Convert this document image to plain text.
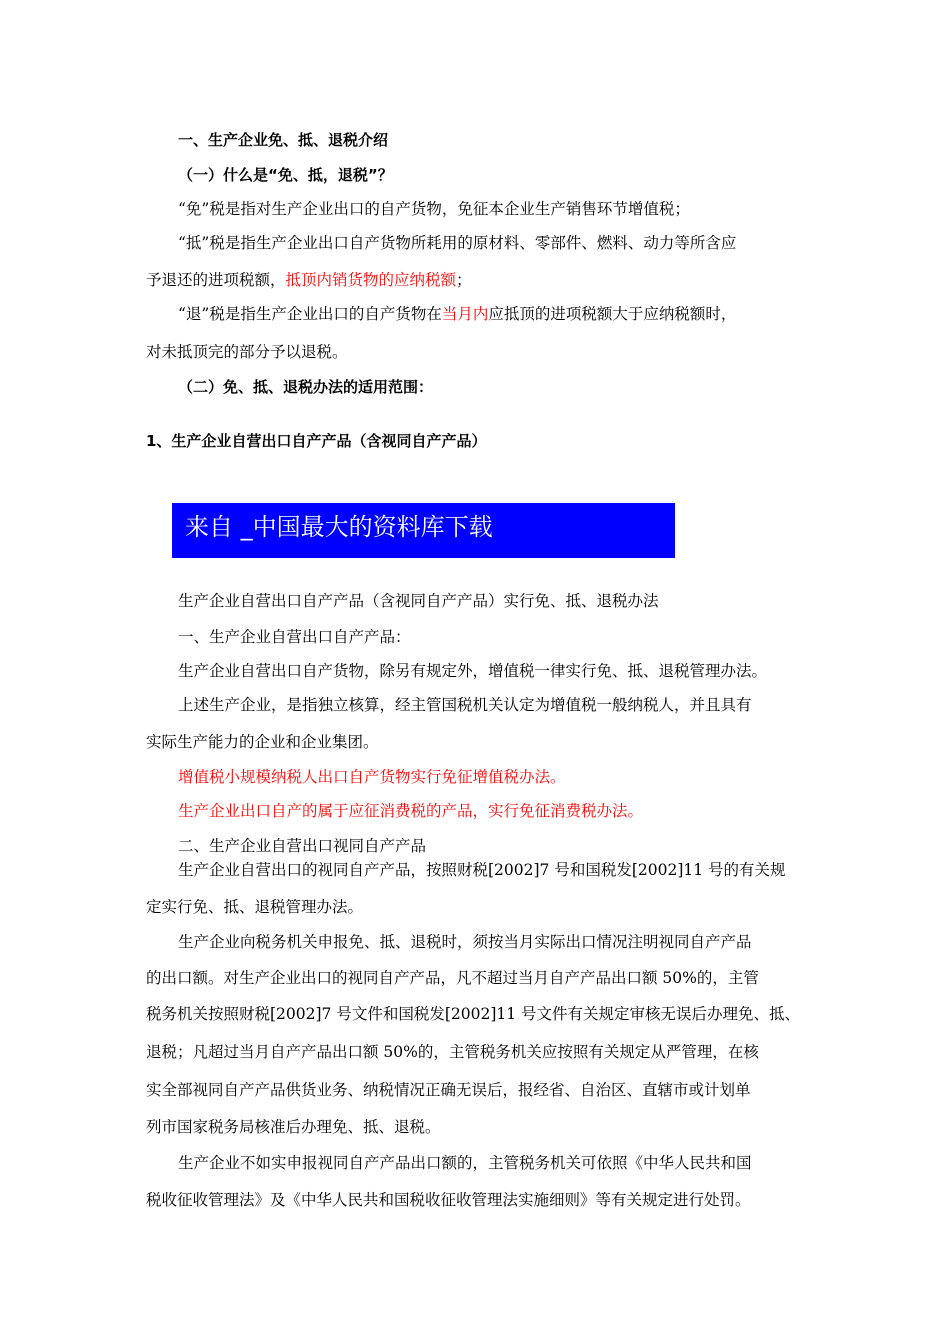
一、生产企业免、抵、退税介绍
（一）什么是“免、抵，退税”？
“免”税是指对生产企业出口的自产货物，免征本企业生产销售环节增值税；
“抵”税是指生产企业出口自产货物所耗用的原材料、零部件、燃料、动力等所含应
予退还的进项税额，抵顶内销货物的应纳税额；
“退”税是指生产企业出口的自产货物在当月内应抵顶的进项税额大于应纳税额时，
对未抵顶完的部分予以退税。
（二）免、抵、退税办法的适用范围：
1、生产企业自营出口自产产品（含视同自产产品）
来自 _中国最大的资料库下载
生产企业自营出口自产产品（含视同自产产品）实行免、抵、退税办法
一、生产企业自营出口自产产品：
生产企业自营出口自产货物，除另有规定外，增值税一律实行免、抵、退税管理办法。
上述生产企业，是指独立核算，经主管国税机关认定为增值税一般纳税人，并且具有
实际生产能力的企业和企业集团。
增值税小规模纳税人出口自产货物实行免征增值税办法。
生产企业出口自产的属于应征消费税的产品，实行免征消费税办法。
二、生产企业自营出口视同自产产品
生产企业自营出口的视同自产产品，按照财税[2002]7 号和国税发[2002]11 号的有关规
定实行免、抵、退税管理办法。
生产企业向税务机关申报免、抵、退税时，须按当月实际出口情况注明视同自产产品
的出口额。对生产企业出口的视同自产产品，凡不超过当月自产产品出口额 50%的，主管
税务机关按照财税[2002]7 号文件和国税发[2002]11 号文件有关规定审核无误后办理免、抵、
退税；凡超过当月自产产品出口额 50%的，主管税务机关应按照有关规定从严管理，在核
实全部视同自产产品供货业务、纳税情况正确无误后，报经省、自治区、直辖市或计划单
列市国家税务局核准后办理免、抵、退税。
生产企业不如实申报视同自产产品出口额的，主管税务机关可依照《中华人民共和国
税收征收管理法》及《中华人民共和国税收征收管理法实施细则》等有关规定进行处罚。
